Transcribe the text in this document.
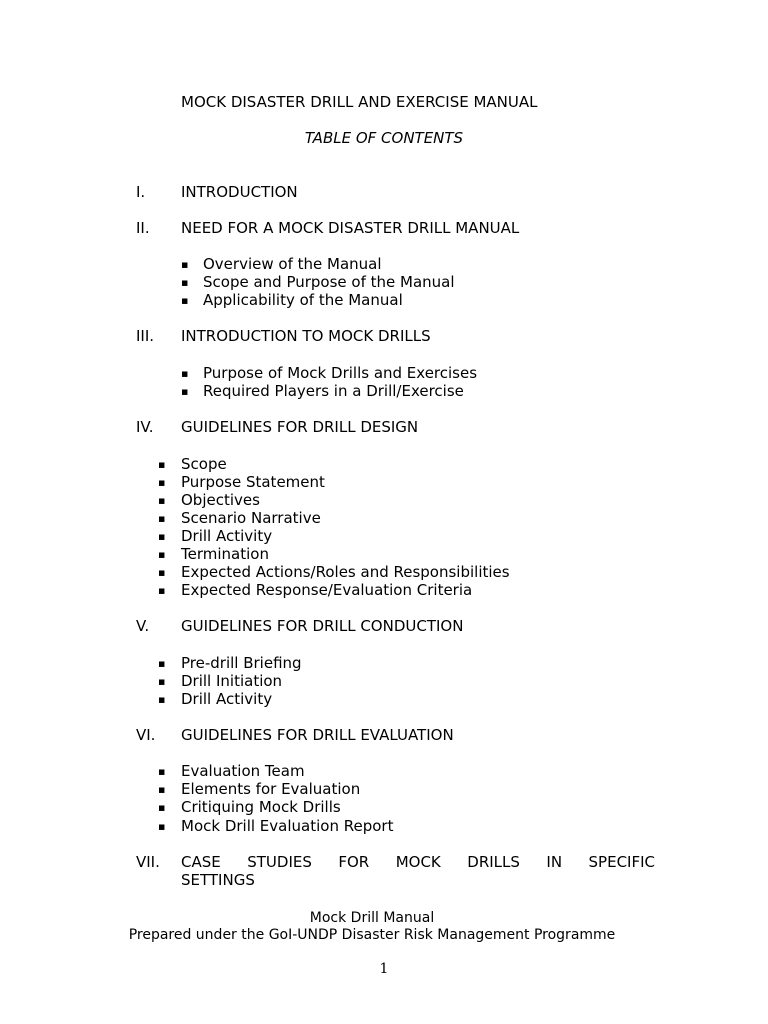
MOCK DISASTER DRILL AND EXERCISE MANUAL
TABLE OF CONTENTS
I. INTRODUCTION
II. NEED FOR A MOCK DISASTER DRILL MANUAL
▪ Overview of the Manual
▪ Scope and Purpose of the Manual
▪ Applicability of the Manual
III. INTRODUCTION TO MOCK DRILLS
▪ Purpose of Mock Drills and Exercises
▪ Required Players in a Drill/Exercise
IV. GUIDELINES FOR DRILL DESIGN
▪ Scope
▪ Purpose Statement
▪ Objectives
▪ Scenario Narrative
▪ Drill Activity
▪ Termination
▪ Expected Actions/Roles and Responsibilities
▪ Expected Response/Evaluation Criteria
V. GUIDELINES FOR DRILL CONDUCTION
▪ Pre-drill Briefing
▪ Drill Initiation
▪ Drill Activity
VI. GUIDELINES FOR DRILL EVALUATION
▪ Evaluation Team
▪ Elements for Evaluation
▪ Critiquing Mock Drills
▪ Mock Drill Evaluation Report
VII. CASE STUDIES FOR MOCK DRILLS IN SPECIFIC
SETTINGS
Mock Drill Manual
Prepared under the GoI-UNDP Disaster Risk Management Programme
1
